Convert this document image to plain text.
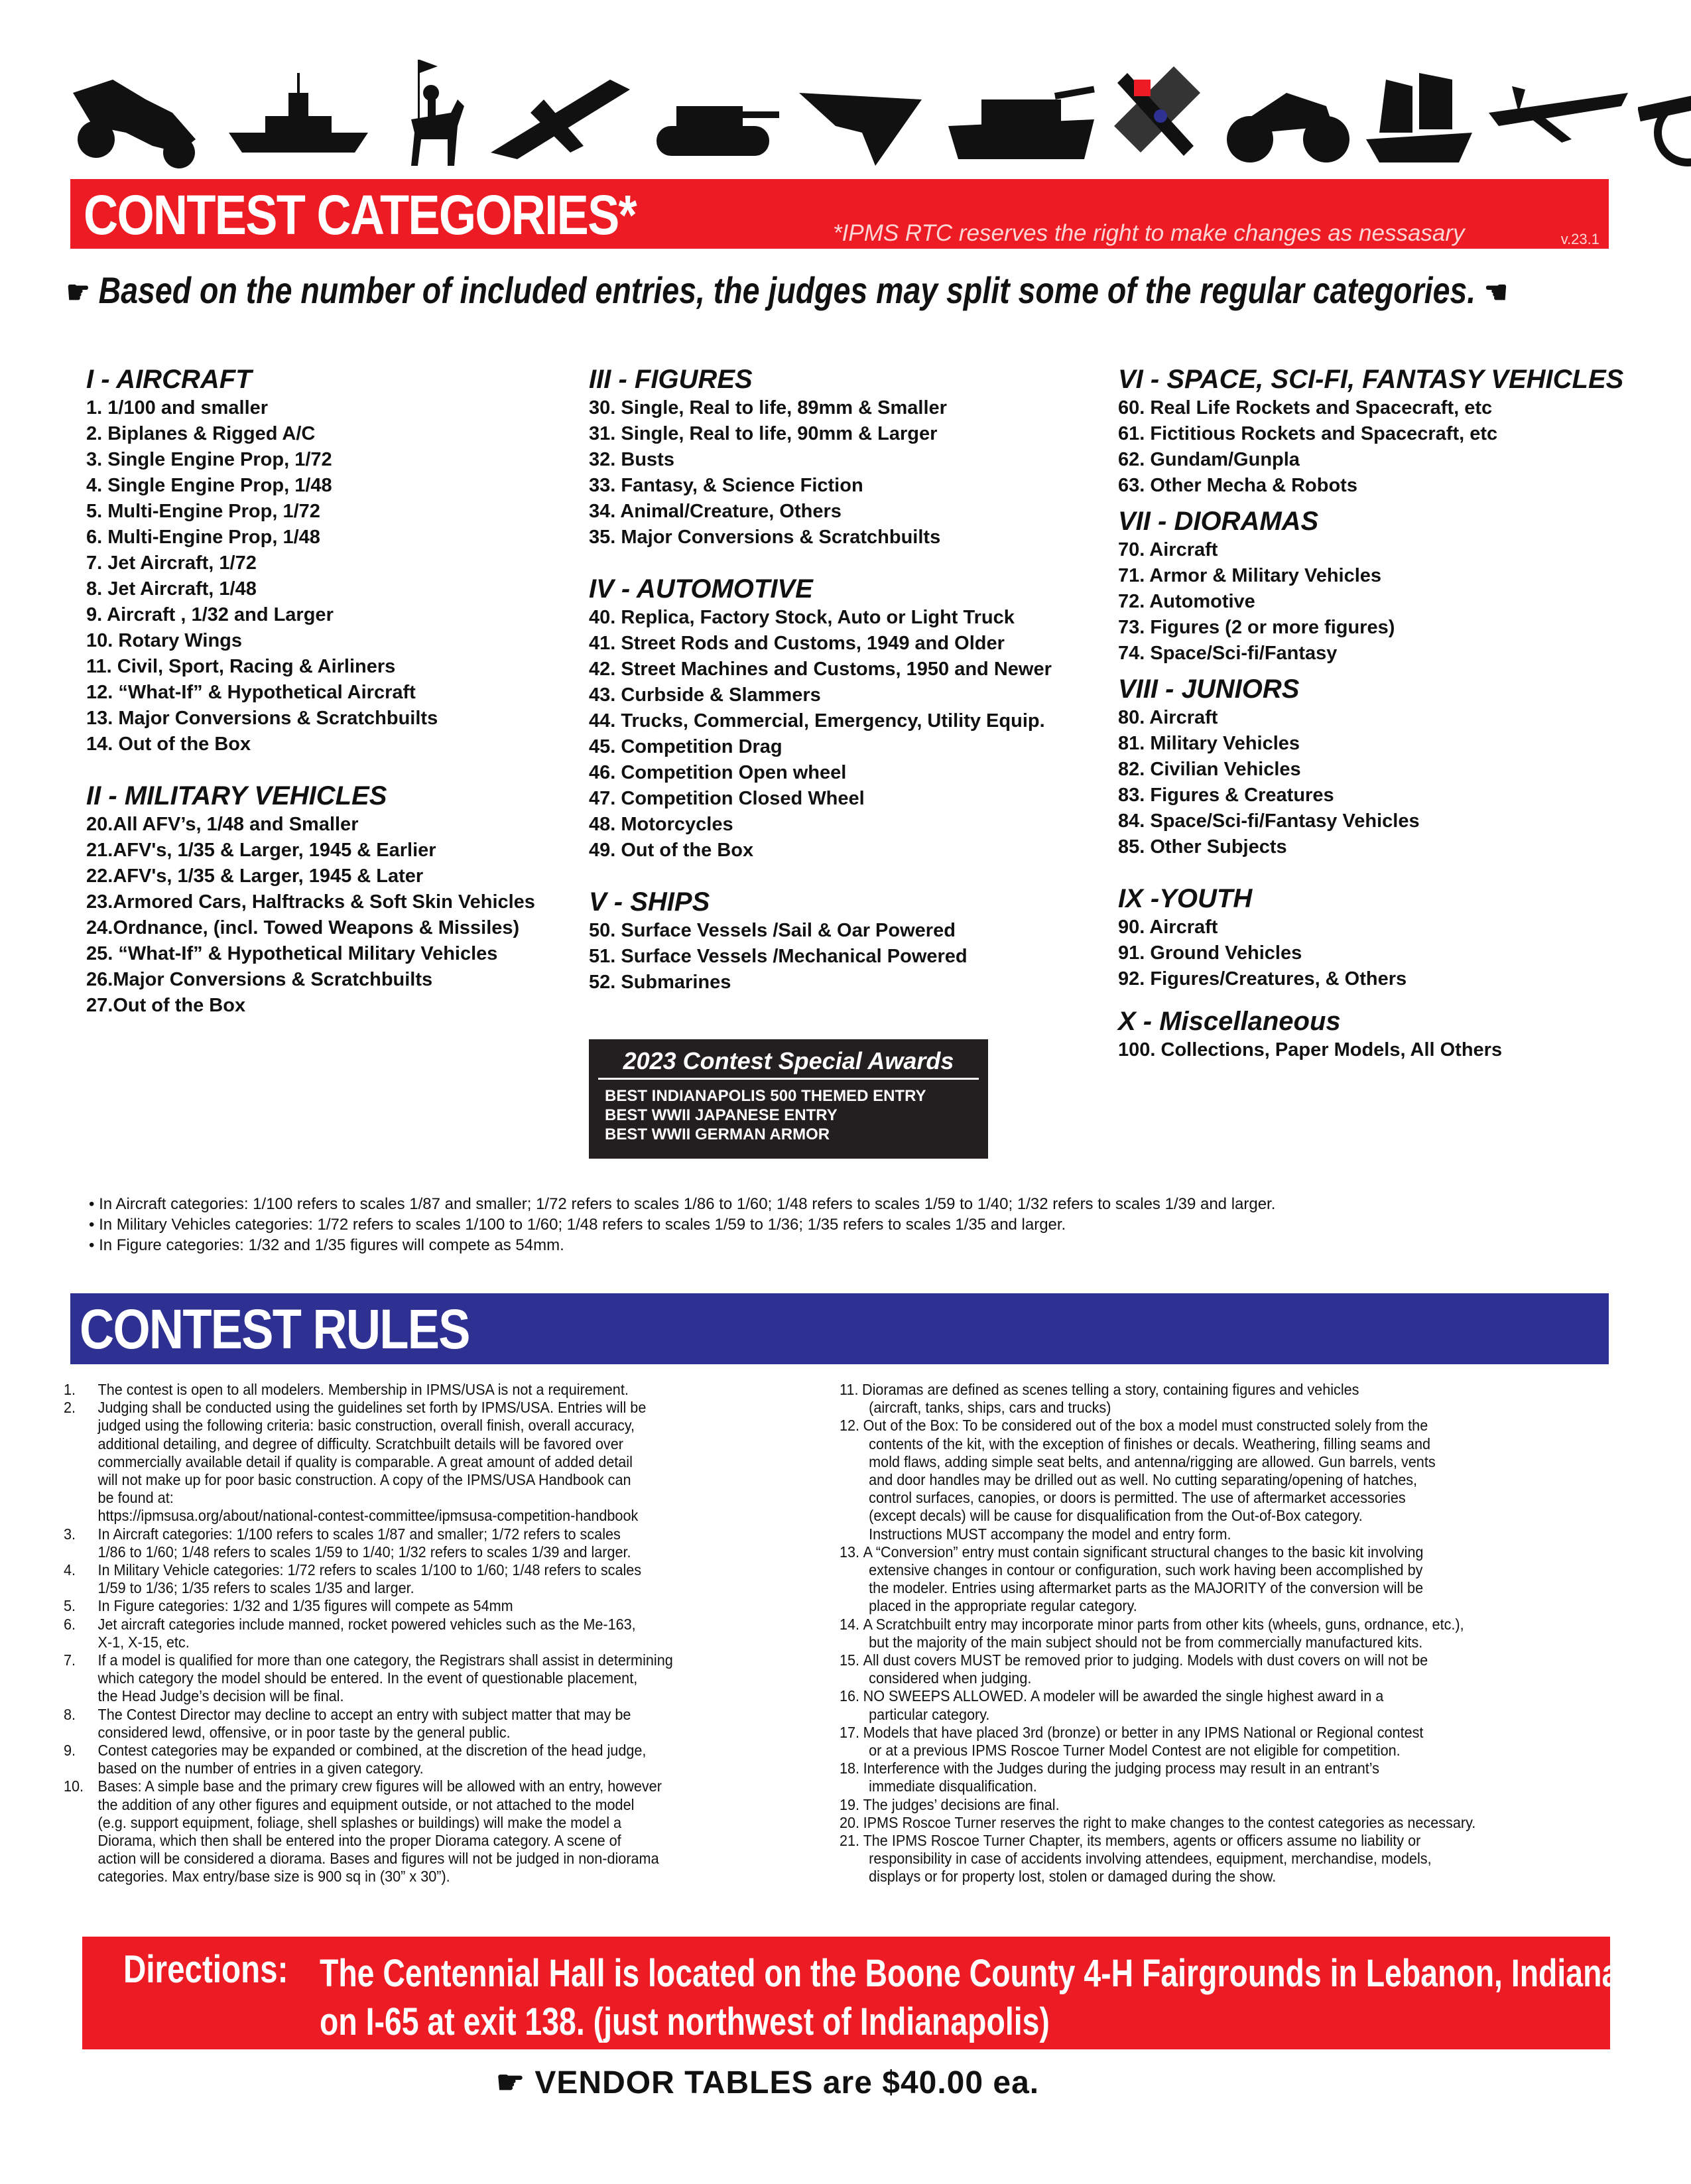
CONTEST CATEGORIES*	*IPMS RTC reserves the right to make changes as nessasary	v.23.1
☛ Based on the number of included entries, the judges may split some of the regular categories. ☚
I - AIRCRAFT
1. 1/100 and smaller
2. Biplanes & Rigged A/C
3. Single Engine Prop, 1/72
4. Single Engine Prop, 1/48
5. Multi-Engine Prop, 1/72
6. Multi-Engine Prop, 1/48
7. Jet Aircraft, 1/72
8. Jet Aircraft, 1/48
9. Aircraft , 1/32 and Larger
10. Rotary Wings
11. Civil, Sport, Racing & Airliners
12. “What-If” & Hypothetical Aircraft
13. Major Conversions & Scratchbuilts
14. Out of the Box
II - MILITARY VEHICLES
20.All AFV’s, 1/48 and Smaller
21.AFV's, 1/35 & Larger, 1945 & Earlier
22.AFV's, 1/35 & Larger, 1945 & Later
23.Armored Cars, Halftracks & Soft Skin Vehicles
24.Ordnance, (incl. Towed Weapons & Missiles)
25. “What-If” & Hypothetical Military Vehicles
26.Major Conversions & Scratchbuilts
27.Out of the Box
III - FIGURES
30. Single, Real to life, 89mm & Smaller
31. Single, Real to life, 90mm & Larger
32. Busts
33. Fantasy, & Science Fiction
34. Animal/Creature, Others
35. Major Conversions & Scratchbuilts
IV - AUTOMOTIVE
40. Replica, Factory Stock, Auto or Light Truck
41. Street Rods and Customs, 1949 and Older
42. Street Machines and Customs, 1950 and Newer
43. Curbside & Slammers
44. Trucks, Commercial, Emergency, Utility Equip.
45. Competition Drag
46. Competition Open wheel
47. Competition Closed Wheel
48. Motorcycles
49. Out of the Box
V - SHIPS
50. Surface Vessels /Sail & Oar Powered
51. Surface Vessels /Mechanical Powered
52. Submarines
VI - SPACE, SCI-FI, FANTASY VEHICLES
60. Real Life Rockets and Spacecraft, etc
61. Fictitious Rockets and Spacecraft, etc
62. Gundam/Gunpla
63. Other Mecha & Robots
VII - DIORAMAS
70. Aircraft
71. Armor & Military Vehicles
72. Automotive
73. Figures (2 or more figures)
74. Space/Sci-fi/Fantasy
VIII - JUNIORS
80. Aircraft
81. Military Vehicles
82. Civilian Vehicles
83. Figures & Creatures
84. Space/Sci-fi/Fantasy Vehicles
85. Other Subjects
IX -YOUTH
90. Aircraft
91. Ground Vehicles
92. Figures/Creatures, & Others
X - Miscellaneous
100. Collections, Paper Models, All Others
2023 Contest Special Awards
BEST INDIANAPOLIS 500 THEMED ENTRY
BEST WWII JAPANESE ENTRY
BEST WWII GERMAN ARMOR
• In Aircraft categories: 1/100 refers to scales 1/87 and smaller; 1/72 refers to scales 1/86 to 1/60; 1/48 refers to scales 1/59 to 1/40; 1/32 refers to scales 1/39 and larger.
• In Military Vehicles categories: 1/72 refers to scales 1/100 to 1/60; 1/48 refers to scales 1/59 to 1/36; 1/35 refers to scales 1/35 and larger.
• In Figure categories: 1/32 and 1/35 figures will compete as 54mm.
CONTEST RULES
1. The contest is open to all modelers. Membership in IPMS/USA is not a requirement.
2. Judging shall be conducted using the guidelines set forth by IPMS/USA. Entries will be
judged using the following criteria: basic construction, overall finish, overall accuracy,
additional detailing, and degree of difficulty. Scratchbuilt details will be favored over
commercially available detail if quality is comparable. A great amount of added detail
will not make up for poor basic construction. A copy of the IPMS/USA Handbook can
be found at:
https://ipmsusa.org/about/national-contest-committee/ipmsusa-competition-handbook
3. In Aircraft categories: 1/100 refers to scales 1/87 and smaller; 1/72 refers to scales
1/86 to 1/60; 1/48 refers to scales 1/59 to 1/40; 1/32 refers to scales 1/39 and larger.
4. In Military Vehicle categories: 1/72 refers to scales 1/100 to 1/60; 1/48 refers to scales
1/59 to 1/36; 1/35 refers to scales 1/35 and larger.
5. In Figure categories: 1/32 and 1/35 figures will compete as 54mm
6. Jet aircraft categories include manned, rocket powered vehicles such as the Me-163,
X-1, X-15, etc.
7. If a model is qualified for more than one category, the Registrars shall assist in determining
which category the model should be entered. In the event of questionable placement,
the Head Judge’s decision will be final.
8. The Contest Director may decline to accept an entry with subject matter that may be
considered lewd, offensive, or in poor taste by the general public.
9. Contest categories may be expanded or combined, at the discretion of the head judge,
based on the number of entries in a given category.
10. Bases: A simple base and the primary crew figures will be allowed with an entry, however
the addition of any other figures and equipment outside, or not attached to the model
(e.g. support equipment, foliage, shell splashes or buildings) will make the model a
Diorama, which then shall be entered into the proper Diorama category. A scene of
action will be considered a diorama. Bases and figures will not be judged in non-diorama
categories. Max entry/base size is 900 sq in (30” x 30”).
11. Dioramas are defined as scenes telling a story, containing figures and vehicles
(aircraft, tanks, ships, cars and trucks)
12. Out of the Box: To be considered out of the box a model must constructed solely from the
contents of the kit, with the exception of finishes or decals. Weathering, filling seams and
mold flaws, adding simple seat belts, and antenna/rigging are allowed. Gun barrels, vents
and door handles may be drilled out as well. No cutting separating/opening of hatches,
control surfaces, canopies, or doors is permitted. The use of aftermarket accessories
(except decals) will be cause for disqualification from the Out-of-Box category.
Instructions MUST accompany the model and entry form.
13. A “Conversion” entry must contain significant structural changes to the basic kit involving
extensive changes in contour or configuration, such work having been accomplished by
the modeler. Entries using aftermarket parts as the MAJORITY of the conversion will be
placed in the appropriate regular category.
14. A Scratchbuilt entry may incorporate minor parts from other kits (wheels, guns, ordnance, etc.),
but the majority of the main subject should not be from commercially manufactured kits.
15. All dust covers MUST be removed prior to judging. Models with dust covers on will not be
considered when judging.
16. NO SWEEPS ALLOWED. A modeler will be awarded the single highest award in a
particular category.
17. Models that have placed 3rd (bronze) or better in any IPMS National or Regional contest
or at a previous IPMS Roscoe Turner Model Contest are not eligible for competition.
18. Interference with the Judges during the judging process may result in an entrant’s
immediate disqualification.
19. The judges’ decisions are final.
20. IPMS Roscoe Turner reserves the right to make changes to the contest categories as necessary.
21. The IPMS Roscoe Turner Chapter, its members, agents or officers assume no liability or
responsibility in case of accidents involving attendees, equipment, merchandise, models,
displays or for property lost, stolen or damaged during the show.
Directions: The Centennial Hall is located on the Boone County 4-H Fairgrounds in Lebanon, Indiana,
on I-65 at exit 138. (just northwest of Indianapolis)
☛ VENDOR TABLES are $40.00 ea.
